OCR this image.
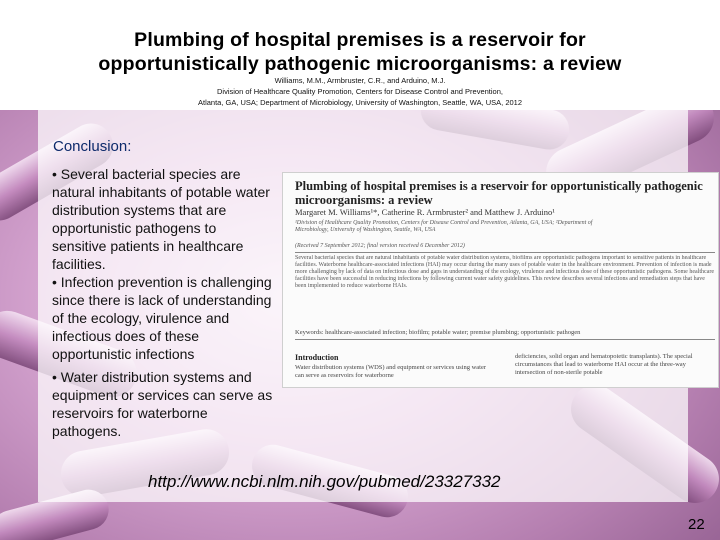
Plumbing of hospital premises is a reservoir for
opportunistically pathogenic microorganisms: a review
Williams, M.M., Armbruster, C.R., and Arduino, M.J.
Division of Healthcare Quality Promotion, Centers for Disease Control and Prevention,
Atlanta, GA, USA; Department of Microbiology, University of Washington, Seattle, WA, USA, 2012
Conclusion:

• Several bacterial species are natural inhabitants of potable water distribution systems that are opportunistic pathogens to sensitive patients in healthcare facilities.

• Infection prevention is challenging since there is lack of understanding of the ecology, virulence and infectious does of these opportunistic infections

• Water distribution systems and equipment or services can serve as reservoirs for waterborne pathogens.

Plumbing of hospital premises is a reservoir for opportunistically pathogenic microorganisms: a review
Margaret M. Williams¹*, Catherine R. Armbruster² and Matthew J. Arduino¹
¹Division of Healthcare Quality Promotion, Centers for Disease Control and Prevention, Atlanta, GA, USA; ²Department of Microbiology, University of Washington, Seattle, WA, USA
(Received 7 September 2012; final version received 6 December 2012)
Several bacterial species that are natural inhabitants of potable water distribution systems, biofilms are opportunistic pathogens important to sensitive patients in healthcare facilities. Waterborne healthcare-associated infections (HAI) may occur during the many uses of potable water in the healthcare environment. Prevention of infection is made more challenging by lack of data on infectious dose and gaps in understanding of the ecology, virulence and infectious dose of these opportunistic pathogens. Some healthcare facilities have been successful in reducing infections by following current water safety guidelines. This review describes several infections and remediation steps that have been implemented to reduce waterborne HAIs.
Keywords: healthcare-associated infection; biofilm; potable water; premise plumbing; opportunistic pathogen
Introduction
Water distribution systems (WDS) and equipment or services using water can serve as reservoirs for waterborne
deficiencies, solid organ and hematopoietic transplants). The special circumstances that lead to waterborne HAI occur at the three-way intersection of non-sterile potable
http://www.ncbi.nlm.nih.gov/pubmed/23327332
22
